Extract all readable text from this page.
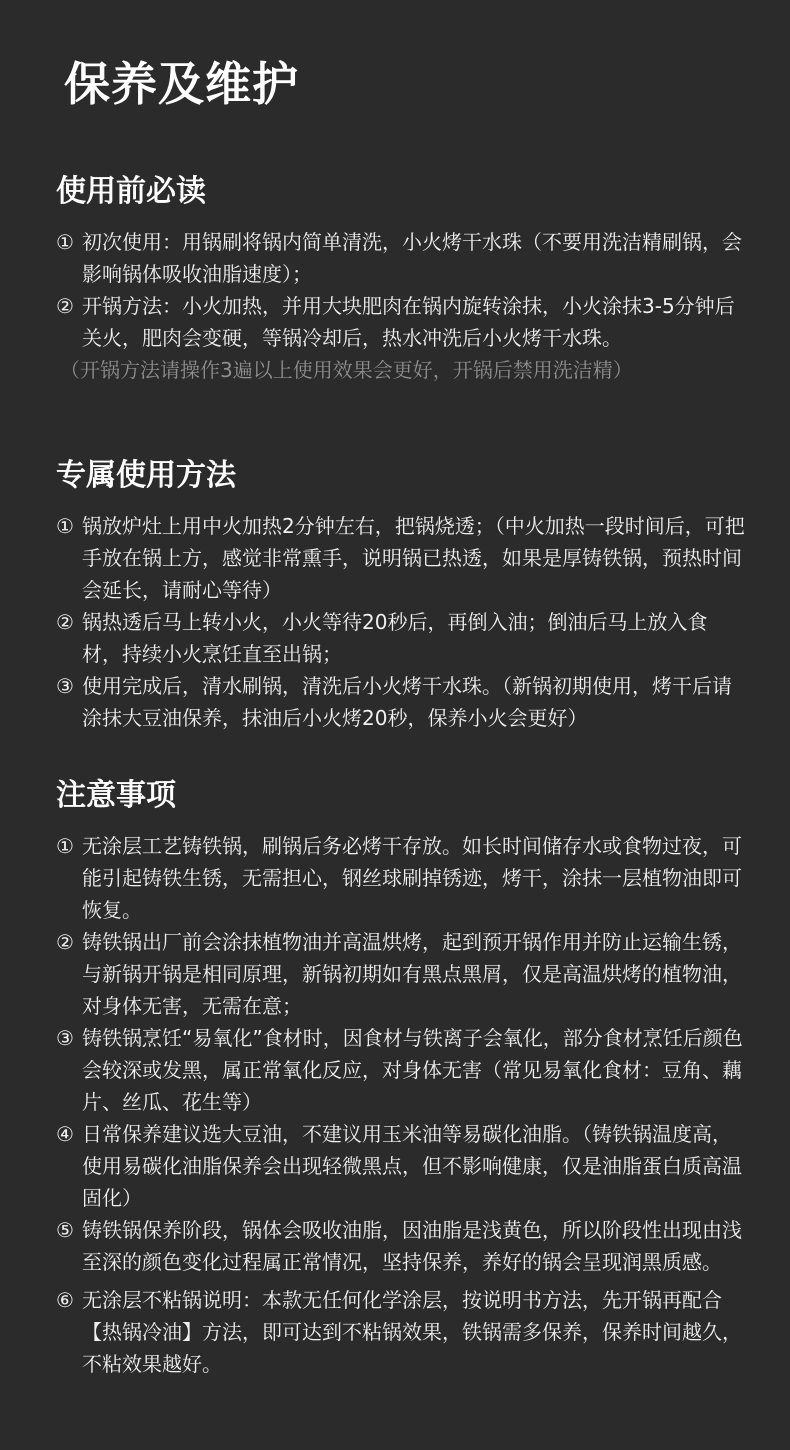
保养及维护
使用前必读
① 初次使用：用锅刷将锅内简单清洗，小火烤干水珠（不要用洗洁精刷锅，会影响锅体吸收油脂速度）；
② 开锅方法：小火加热，并用大块肥肉在锅内旋转涂抹，小火涂抹3-5分钟后关火，肥肉会变硬，等锅冷却后，热水冲洗后小火烤干水珠。
（开锅方法请操作3遍以上使用效果会更好，开锅后禁用洗洁精）
专属使用方法
① 锅放炉灶上用中火加热2分钟左右，把锅烧透；（中火加热一段时间后，可把手放在锅上方，感觉非常熏手，说明锅已热透，如果是厚铸铁锅，预热时间会延长，请耐心等待）
② 锅热透后马上转小火，小火等待20秒后，再倒入油；倒油后马上放入食材，持续小火烹饪直至出锅；
③ 使用完成后，清水刷锅，清洗后小火烤干水珠。（新锅初期使用，烤干后请涂抹大豆油保养，抹油后小火烤20秒，保养小火会更好）
注意事项
① 无涂层工艺铸铁锅，刷锅后务必烤干存放。如长时间储存水或食物过夜，可能引起铸铁生锈，无需担心，钢丝球刷掉锈迹，烤干，涂抹一层植物油即可恢复。
② 铸铁锅出厂前会涂抹植物油并高温烘烤，起到预开锅作用并防止运输生锈，与新锅开锅是相同原理，新锅初期如有黑点黑屑，仅是高温烘烤的植物油，对身体无害，无需在意；
③ 铸铁锅烹饪“易氧化”食材时，因食材与铁离子会氧化，部分食材烹饪后颜色会较深或发黑，属正常氧化反应，对身体无害（常见易氧化食材：豆角、藕片、丝瓜、花生等）
④ 日常保养建议选大豆油，不建议用玉米油等易碳化油脂。（铸铁锅温度高，使用易碳化油脂保养会出现轻微黑点，但不影响健康，仅是油脂蛋白质高温固化）
⑤ 铸铁锅保养阶段，锅体会吸收油脂，因油脂是浅黄色，所以阶段性出现由浅至深的颜色变化过程属正常情况，坚持保养，养好的锅会呈现润黑质感。
⑥ 无涂层不粘锅说明：本款无任何化学涂层，按说明书方法，先开锅再配合【热锅冷油】方法，即可达到不粘锅效果，铁锅需多保养，保养时间越久，不粘效果越好。
